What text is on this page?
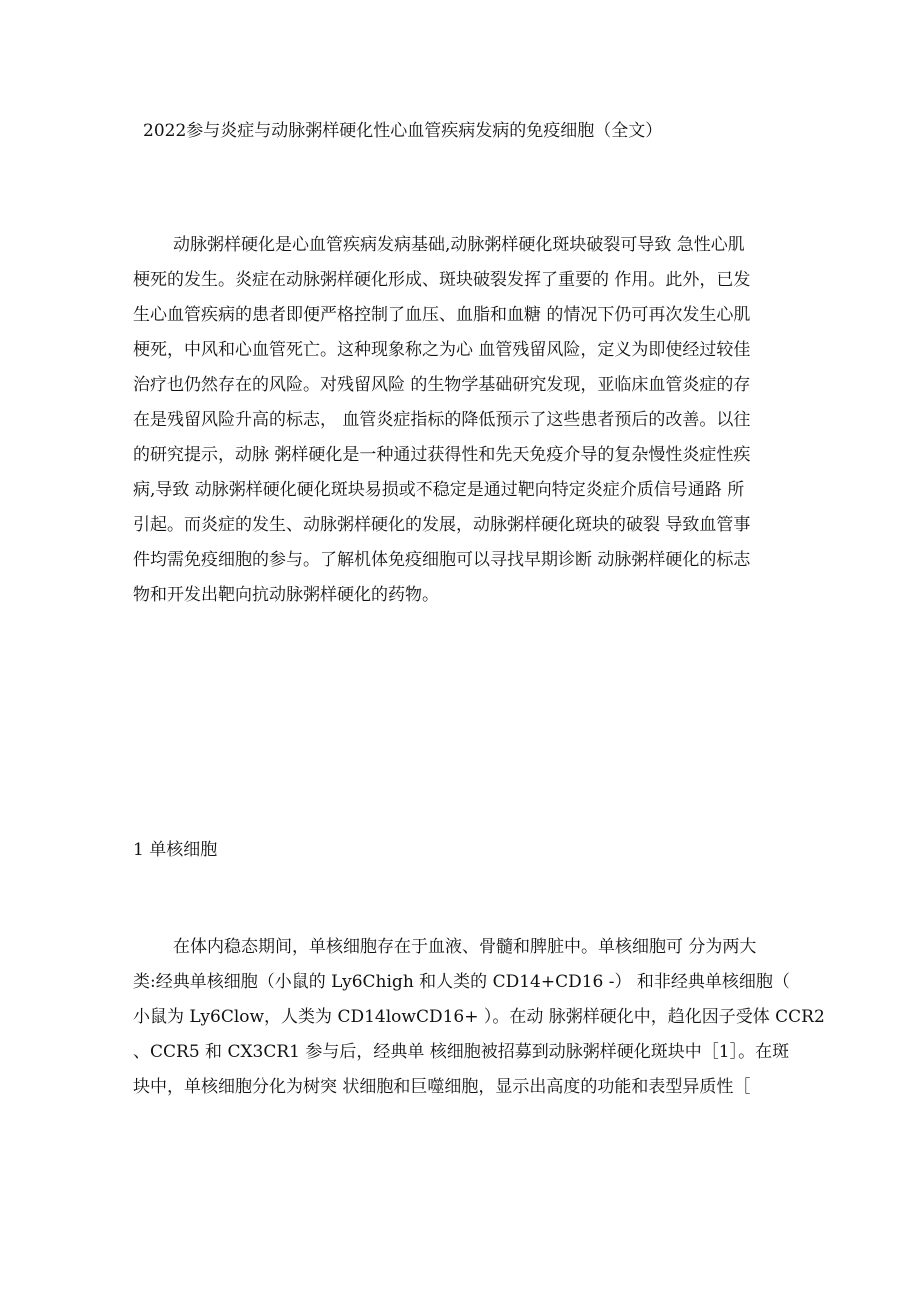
2022参与炎症与动脉粥样硬化性心血管疾病发病的免疫细胞（全文）
动脉粥样硬化是心血管疾病发病基础,动脉粥样硬化斑块破裂可导致 急性心肌
梗死的发生。炎症在动脉粥样硬化形成、斑块破裂发挥了重要的 作用。此外，已发
生心血管疾病的患者即便严格控制了血压、血脂和血糖 的情况下仍可再次发生心肌
梗死，中风和心血管死亡。这种现象称之为心 血管残留风险，定义为即使经过较佳
治疗也仍然存在的风险。对残留风险 的生物学基础研究发现，亚临床血管炎症的存
在是残留风险升高的标志， 血管炎症指标的降低预示了这些患者预后的改善。以往
的研究提示，动脉 粥样硬化是一种通过获得性和先天免疫介导的复杂慢性炎症性疾
病,导致 动脉粥样硬化硬化斑块易损或不稳定是通过靶向特定炎症介质信号通路 所
引起。而炎症的发生、动脉粥样硬化的发展，动脉粥样硬化斑块的破裂 导致血管事
件均需免疫细胞的参与。了解机体免疫细胞可以寻找早期诊断 动脉粥样硬化的标志
物和开发出靶向抗动脉粥样硬化的药物。
1 单核细胞
在体内稳态期间，单核细胞存在于血液、骨髓和脾脏中。单核细胞可 分为两大
类:经典单核细胞（小鼠的 Ly6Chigh 和人类的 CD14+CD16 -） 和非经典单核细胞（
小鼠为 Ly6Clow，人类为 CD14lowCD16+ ）。在动 脉粥样硬化中，趋化因子受体 CCR2
、CCR5 和 CX3CR1 参与后，经典单 核细胞被招募到动脉粥样硬化斑块中［1］。在斑
块中，单核细胞分化为树突 状细胞和巨噬细胞，显示出高度的功能和表型异质性［
